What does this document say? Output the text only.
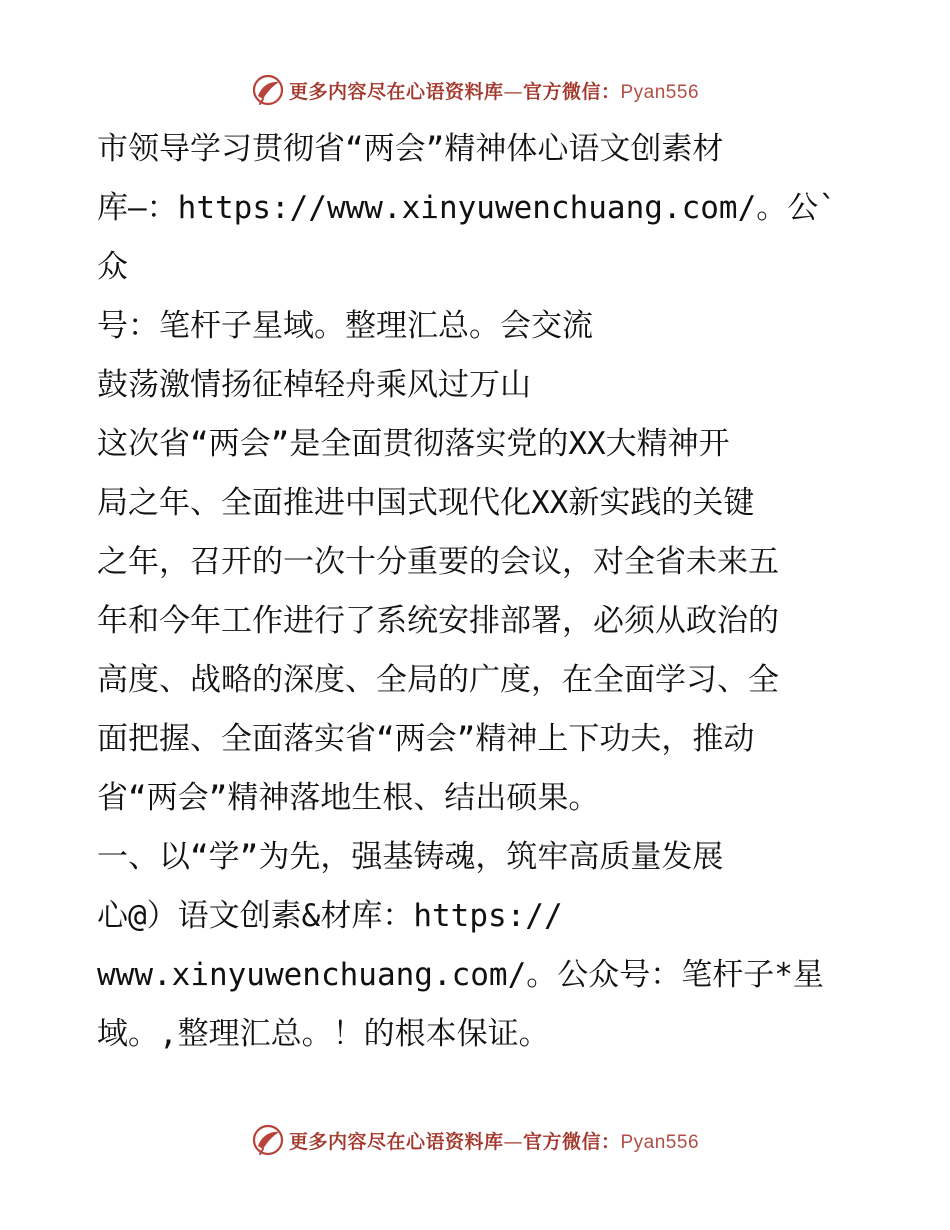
更多内容尽在心语资料库—官方微信：Pyan556

市领导学习贯彻省“两会”精神体心语文创素材
库—：https://www.xinyuwenchuang.com/。公`众
号：笔杆子星域。整理汇总。会交流

鼓荡激情扬征棹轻舟乘风过万山

这次省“两会”是全面贯彻落实党的XX大精神开
局之年、全面推进中国式现代化XX新实践的关键
之年，召开的一次十分重要的会议，对全省未来五
年和今年工作进行了系统安排部署，必须从政治的
高度、战略的深度、全局的广度，在全面学习、全
面把握、全面落实省“两会”精神上下功夫，推动
省“两会”精神落地生根、结出硕果。

一、以“学”为先，强基铸魂，筑牢高质量发展
心@）语文创素&材库：https://
www.xinyuwenchuang.com/。公众号：笔杆子*星
域。,整理汇总。！的根本保证。

更多内容尽在心语资料库—官方微信：Pyan556
